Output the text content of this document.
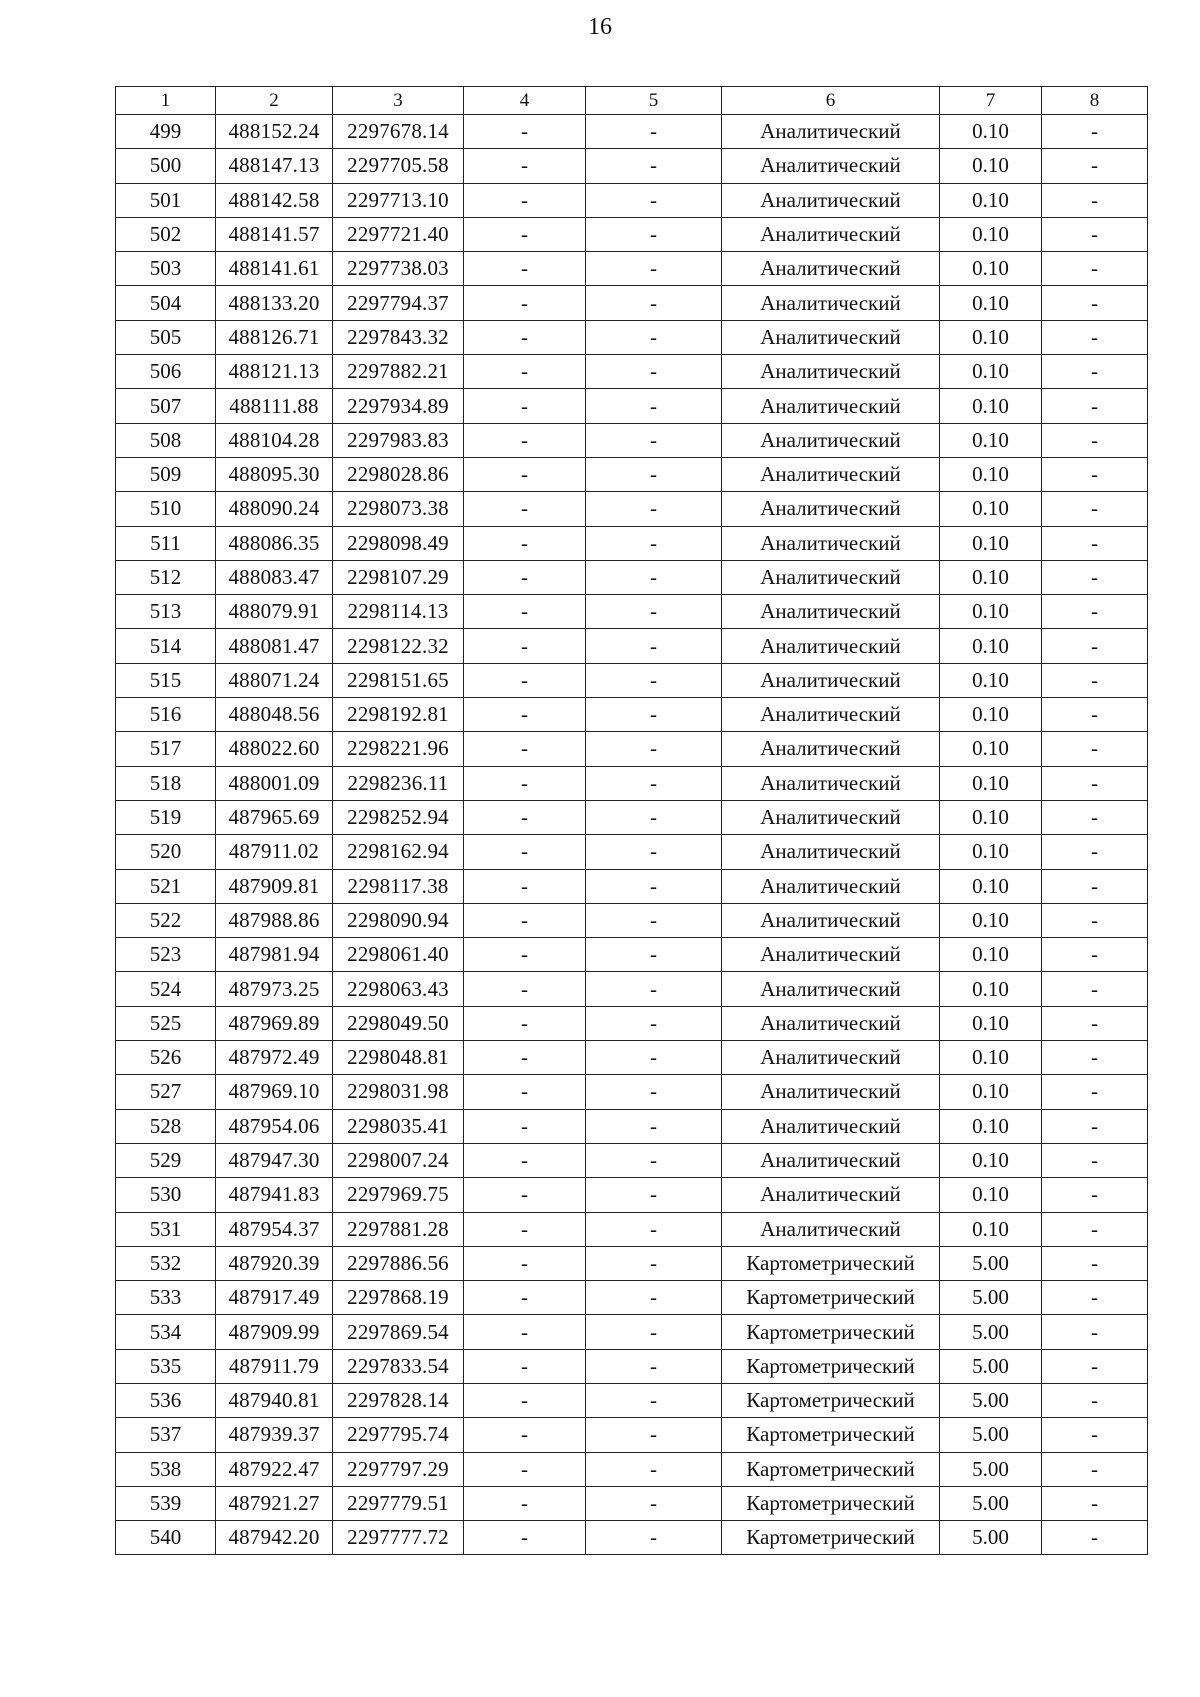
16
1	2	3	4	5	6	7	8
499	488152.24	2297678.14	-	-	Аналитический	0.10	-
500	488147.13	2297705.58	-	-	Аналитический	0.10	-
501	488142.58	2297713.10	-	-	Аналитический	0.10	-
502	488141.57	2297721.40	-	-	Аналитический	0.10	-
503	488141.61	2297738.03	-	-	Аналитический	0.10	-
504	488133.20	2297794.37	-	-	Аналитический	0.10	-
505	488126.71	2297843.32	-	-	Аналитический	0.10	-
506	488121.13	2297882.21	-	-	Аналитический	0.10	-
507	488111.88	2297934.89	-	-	Аналитический	0.10	-
508	488104.28	2297983.83	-	-	Аналитический	0.10	-
509	488095.30	2298028.86	-	-	Аналитический	0.10	-
510	488090.24	2298073.38	-	-	Аналитический	0.10	-
511	488086.35	2298098.49	-	-	Аналитический	0.10	-
512	488083.47	2298107.29	-	-	Аналитический	0.10	-
513	488079.91	2298114.13	-	-	Аналитический	0.10	-
514	488081.47	2298122.32	-	-	Аналитический	0.10	-
515	488071.24	2298151.65	-	-	Аналитический	0.10	-
516	488048.56	2298192.81	-	-	Аналитический	0.10	-
517	488022.60	2298221.96	-	-	Аналитический	0.10	-
518	488001.09	2298236.11	-	-	Аналитический	0.10	-
519	487965.69	2298252.94	-	-	Аналитический	0.10	-
520	487911.02	2298162.94	-	-	Аналитический	0.10	-
521	487909.81	2298117.38	-	-	Аналитический	0.10	-
522	487988.86	2298090.94	-	-	Аналитический	0.10	-
523	487981.94	2298061.40	-	-	Аналитический	0.10	-
524	487973.25	2298063.43	-	-	Аналитический	0.10	-
525	487969.89	2298049.50	-	-	Аналитический	0.10	-
526	487972.49	2298048.81	-	-	Аналитический	0.10	-
527	487969.10	2298031.98	-	-	Аналитический	0.10	-
528	487954.06	2298035.41	-	-	Аналитический	0.10	-
529	487947.30	2298007.24	-	-	Аналитический	0.10	-
530	487941.83	2297969.75	-	-	Аналитический	0.10	-
531	487954.37	2297881.28	-	-	Аналитический	0.10	-
532	487920.39	2297886.56	-	-	Картометрический	5.00	-
533	487917.49	2297868.19	-	-	Картометрический	5.00	-
534	487909.99	2297869.54	-	-	Картометрический	5.00	-
535	487911.79	2297833.54	-	-	Картометрический	5.00	-
536	487940.81	2297828.14	-	-	Картометрический	5.00	-
537	487939.37	2297795.74	-	-	Картометрический	5.00	-
538	487922.47	2297797.29	-	-	Картометрический	5.00	-
539	487921.27	2297779.51	-	-	Картометрический	5.00	-
540	487942.20	2297777.72	-	-	Картометрический	5.00	-
